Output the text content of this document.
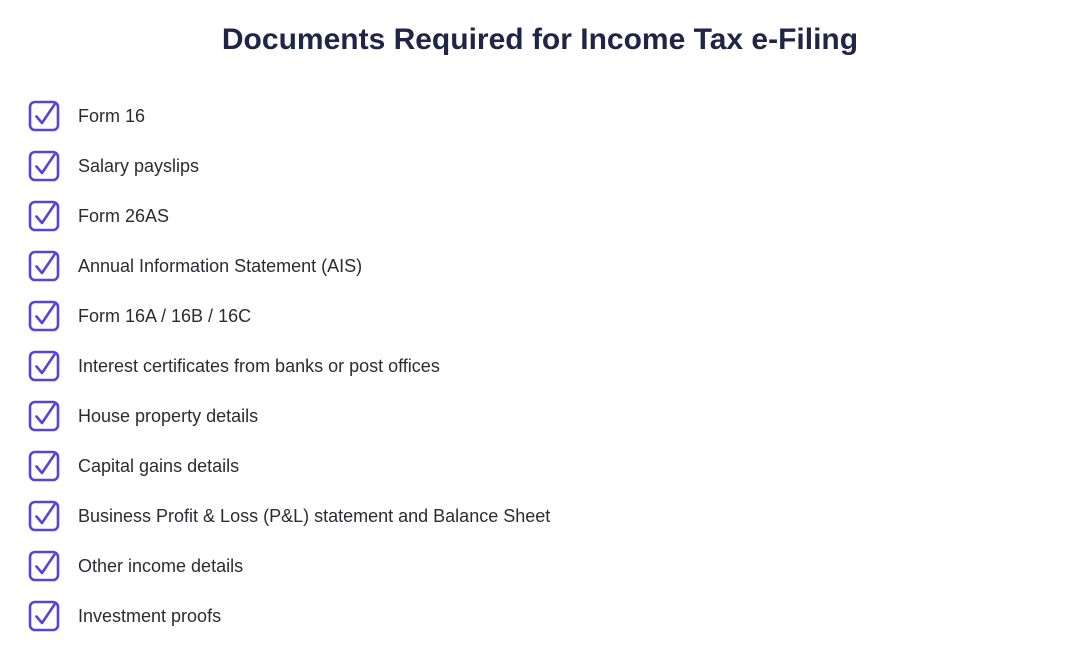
Documents Required for Income Tax e-Filing
Form 16
Salary payslips
Form 26AS
Annual Information Statement (AIS)
Form 16A / 16B / 16C
Interest certificates from banks or post offices
House property details
Capital gains details
Business Profit & Loss (P&L) statement and Balance Sheet
Other income details
Investment proofs
